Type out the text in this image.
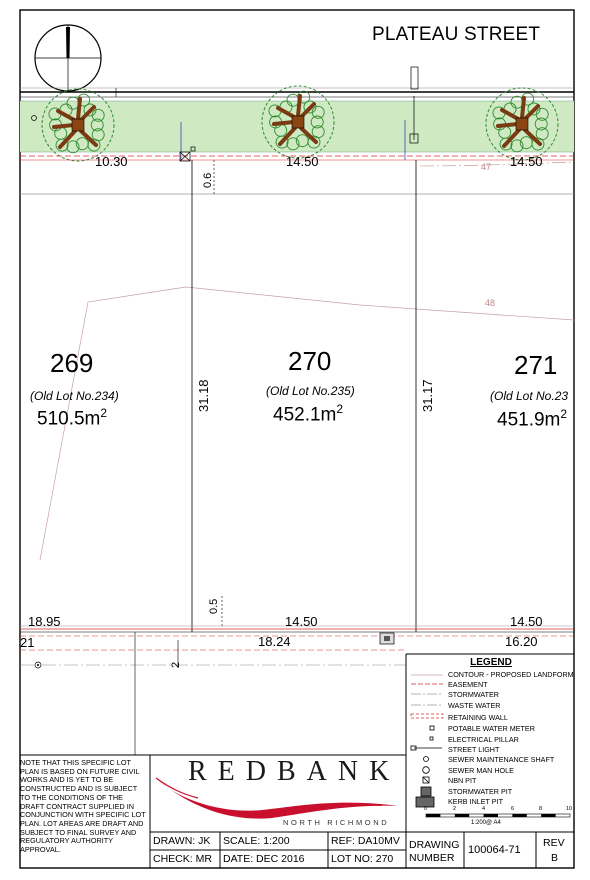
PLATEAU STREET
10.30	14.50	14.50
0.6
0.5
47
48
31.18	31.17
269
(Old Lot No.234)
$510.5m^2$
270
(Old Lot No.235)
$452.1m^2$
271
(Old Lot No.23
$451.9m^2$
18.95	14.50	14.50
21	18.24	16.20
2	LEGEND
CONTOUR - PROPOSED LANDFORM
EASEMENT
STORMWATER
WASTE WATER
RETAINING WALL
POTABLE WATER METER
ELECTRICAL PILLAR
STREET LIGHT
SEWER MAINTENANCE SHAFT
SEWER MAN HOLE
NBN PIT
STORMWATER PIT
KERB INLET PIT
0	2	4	6	8	10
1:200@ A4
NOTE THAT THIS SPECIFIC LOT PLAN IS BASED ON FUTURE CIVIL WORKS AND IS YET TO BE CONSTRUCTED AND IS SUBJECT TO THE CONDITIONS OF THE DRAFT CONTRACT SUPPLIED IN CONJUNCTION WITH SPECIFIC LOT PLAN. LOT AREAS ARE DRAFT AND SUBJECT TO FINAL SURVEY AND REGULATORY AUTHORITY APPROVAL.
REDBANK
NORTH RICHMOND
DRAWN: JK
CHECK: MR
SCALE: 1:200
DATE: DEC 2016
REF: DA10MV
LOT NO: 270
DRAWING
NUMBER
100064-71
REV
B
